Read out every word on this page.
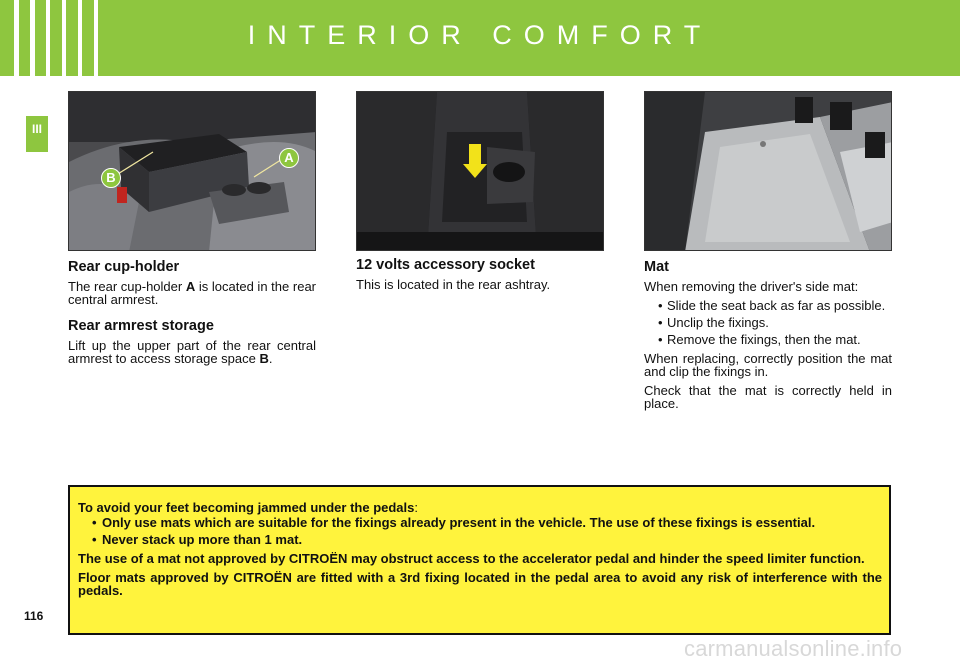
INTERIOR COMFORT
III
A
B
Rear cup-holder

The rear cup-holder A is located in the rear central armrest.

Rear armrest storage

Lift up the upper part of the rear central armrest to access storage space B.

12 volts accessory socket

This is located in the rear ashtray.

Mat

When removing the driver's side mat:

• Slide the seat back as far as possible.
• Unclip the fixings.
• Remove the fixings, then the mat.

When replacing, correctly position the mat and clip the fixings in.

Check that the mat is correctly held in place.

To avoid your feet becoming jammed under the pedals:

• Only use mats which are suitable for the fixings already present in the vehicle. The use of these fixings is essential.
• Never stack up more than 1 mat.

The use of a mat not approved by CITROËN may obstruct access to the accelerator pedal and hinder the speed limiter function.

Floor mats approved by CITROËN are fitted with a 3rd fixing located in the pedal area to avoid any risk of interference with the pedals.

116
carmanualsonline.info
